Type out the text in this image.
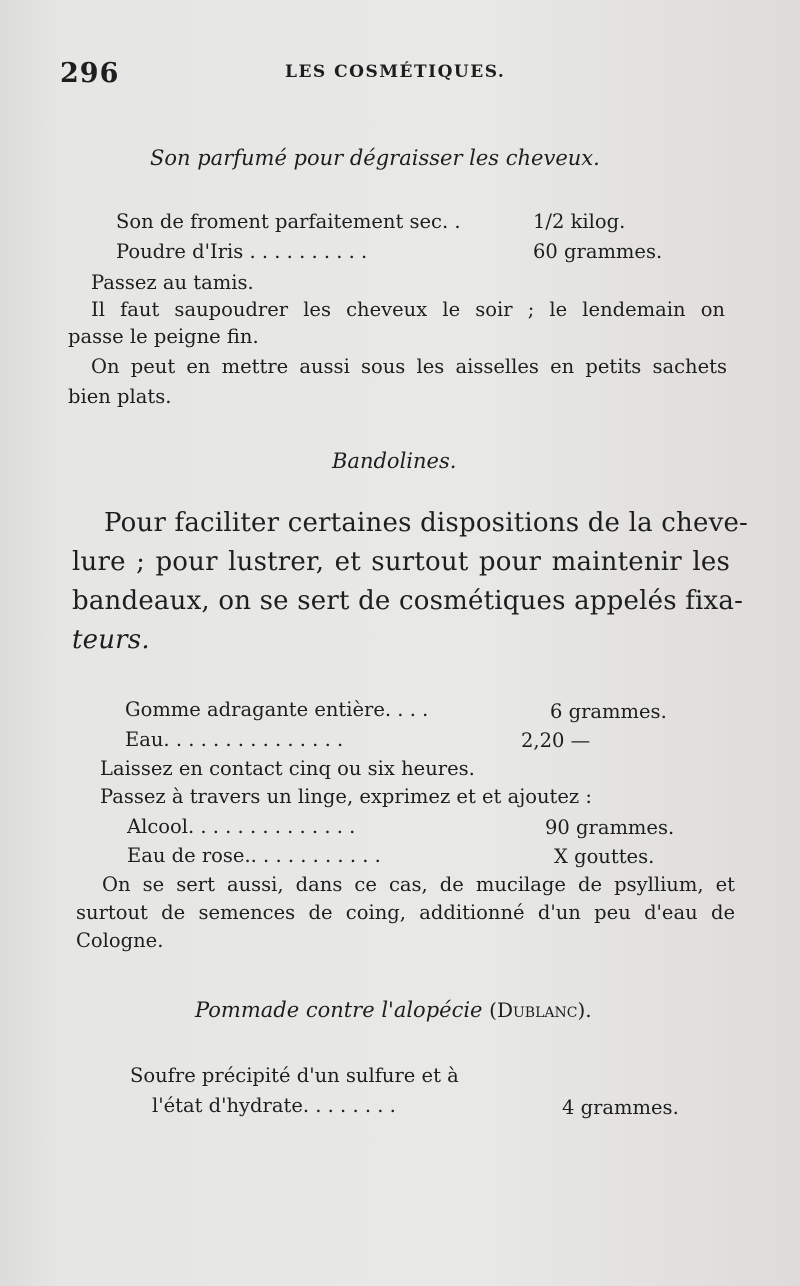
296	LES COSMÉTIQUES.
Son parfumé pour dégraisser les cheveux.
Son de froment parfaitement sec. .	1/2 kilog.
Poudre d'Iris . . . . . . . . . .	60 grammes.
Passez au tamis.
Il faut saupoudrer les cheveux le soir ; le lendemain on
passe le peigne fin.
On peut en mettre aussi sous les aisselles en petits sachets
bien plats.
Bandolines.
Pour faciliter certaines dispositions de la cheve-
lure ; pour lustrer, et surtout pour maintenir les
bandeaux, on se sert de cosmétiques appelés fixa-
teurs.
Gomme adragante entière. . . .	6 grammes.
Eau. . . . . . . . . . . . . . .	2,20 —
Laissez en contact cinq ou six heures.
Passez à travers un linge, exprimez et et ajoutez :
Alcool. . . . . . . . . . . . . .	90 grammes.
Eau de rose.. . . . . . . . . . .	X gouttes.
On se sert aussi, dans ce cas, de mucilage de psyllium, et
surtout de semences de coing, additionné d'un peu d'eau de
Cologne.
Pommade contre l'alopécie (Dublanc).
Soufre précipité d'un sulfure et à
l'état d'hydrate. . . . . . . .	4 grammes.
